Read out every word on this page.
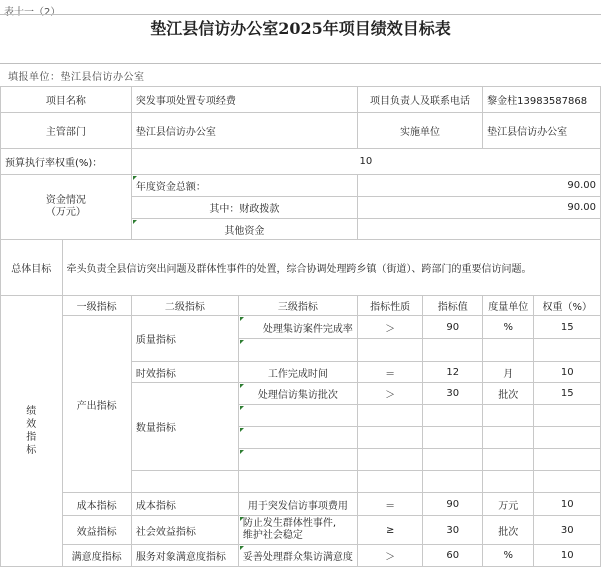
表十一（2）
垫江县信访办公室2025年项目绩效目标表
填报单位：垫江县信访办公室
项目名称		突发事项处置专项经费		项目负责人及联系电话		黎金柱13983587868	
主管部门		垫江县信访办公室		实施单位		垫江县信访办公室	
预算执行率权重(%)：		10					
资金情况
（万元）		年度资金总额：		90.00			
		其中：财政拨款		90.00			
		其他资金					
总体目标	牵头负责全县信访突出问题及群体性事件的处置，综合协调处理跨乡镇（街道）、跨部门的重要信访问题。						
绩
效
指
标	一级指标	二级指标	三级指标	指标性质	指标值	度量单位	权重（%）
	产出指标	质量指标	处理集访案件完成率	＞	90	%	15

		时效指标	工作完成时间	＝	12	月	10
		数量指标	处理信访集访批次	＞	30	批次	15

	成本指标	成本指标	用于突发信访事项费用	＝	90	万元	10
	效益指标	社会效益指标	防止发生群体性事件,
维护社会稳定	≥	30	批次	30
	满意度指标	服务对象满意度指标	妥善处理群众集访满意度	＞	60	%	10
